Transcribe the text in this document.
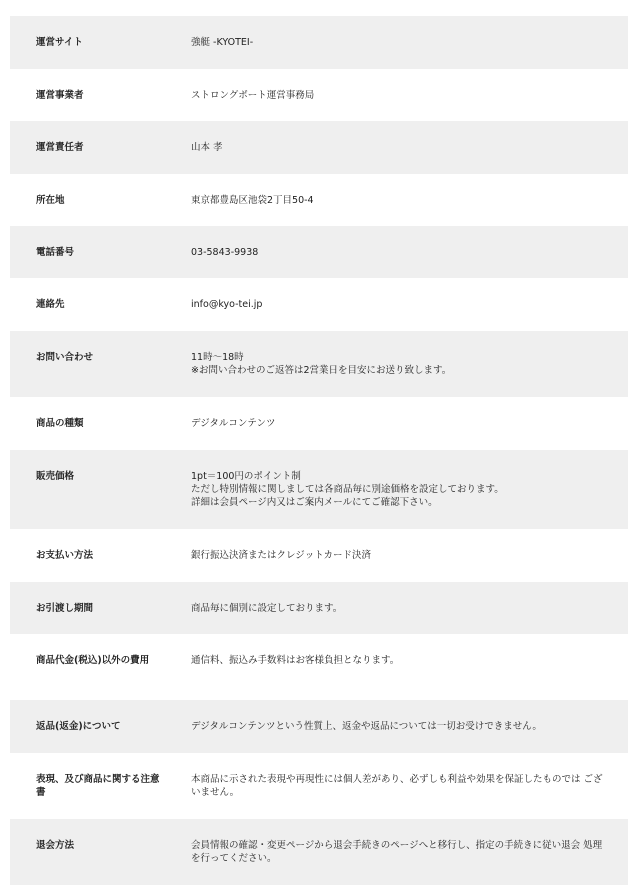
運営サイト	強艇 -KYOTEI-
運営事業者	ストロングボート運営事務局
運営責任者	山本 孝
所在地	東京都豊島区池袋2丁目50-4
電話番号	03-5843-9938
連絡先	info@kyo-tei.jp
お問い合わせ	11時〜18時
※お問い合わせのご返答は2営業日を目安にお送り致します。
商品の種類	デジタルコンテンツ
販売価格	1pt＝100円のポイント制
ただし特別情報に関しましては各商品毎に別途価格を設定しております。
詳細は会員ページ内又はご案内メールにてご確認下さい。
お支払い方法	銀行振込決済またはクレジットカード決済
お引渡し期間	商品毎に個別に設定しております。
商品代金(税込)以外の費用	通信料、振込み手数料はお客様負担となります。
返品(返金)について	デジタルコンテンツという性質上、返金や返品については一切お受けできません。
表現、及び商品に関する注意書	本商品に示された表現や再現性には個人差があり、必ずしも利益や効果を保証したものでは ございません。
退会方法	会員情報の確認・変更ページから退会手続きのページへと移行し、指定の手続きに従い退会 処理を行ってください。
